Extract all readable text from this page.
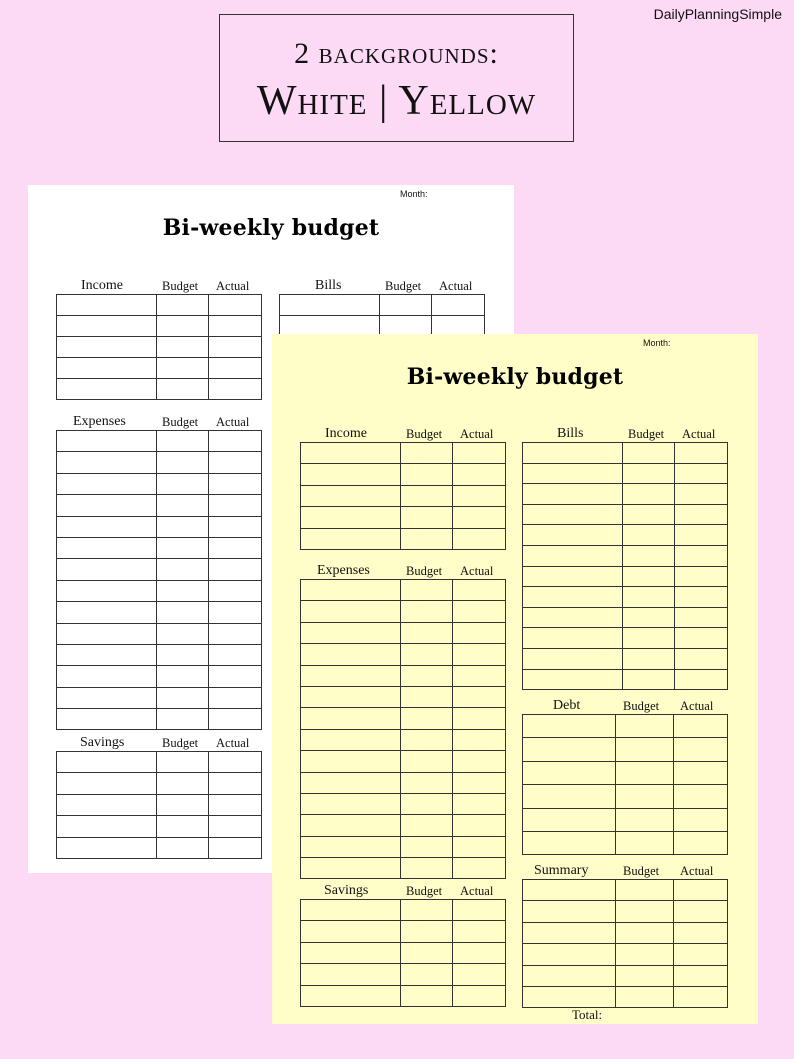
DailyPlanningSimple
2 backgrounds:
White | Yellow
Month:
Bi-weekly budget
Income	Budget Actual	Bills	Budget Actual
Expenses	Budget Actual
Savings	Budget Actual
Month:
Bi-weekly budget
Income	Budget Actual	Bills	Budget Actual
Expenses	Budget Actual
Debt	Budget Actual
Savings	Budget Actual
Summary	Budget Actual
Total:
